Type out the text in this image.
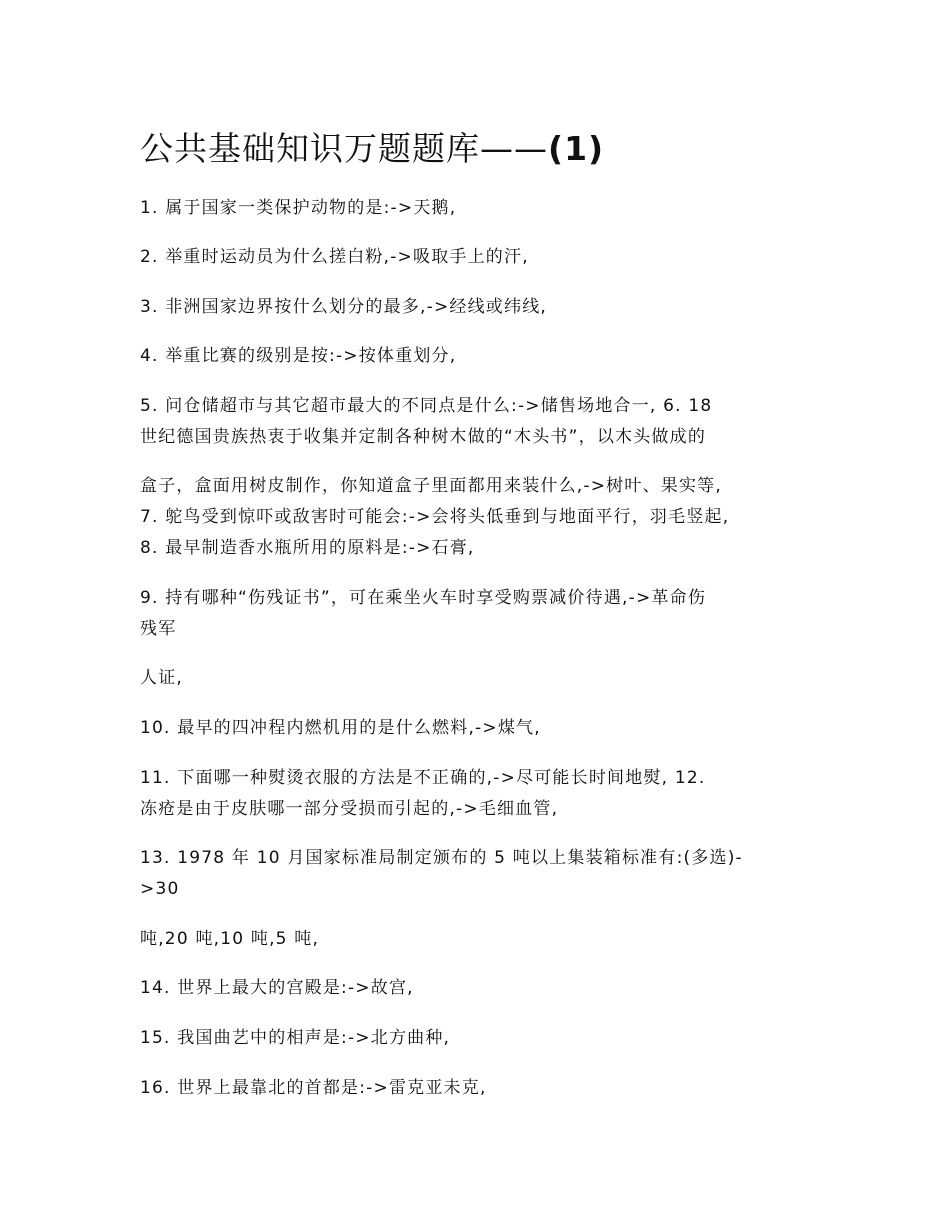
公共基础知识万题题库——(1)

1. 属于国家一类保护动物的是:->天鹅,

2. 举重时运动员为什么搓白粉,->吸取手上的汗,

3. 非洲国家边界按什么划分的最多,->经线或纬线,

4. 举重比赛的级别是按:->按体重划分,

5. 问仓储超市与其它超市最大的不同点是什么:->储售场地合一, 6. 18

世纪德国贵族热衷于收集并定制各种树木做的“木头书”，以木头做成的

盒子，盒面用树皮制作，你知道盒子里面都用来装什么,->树叶、果实等,

7. 鸵鸟受到惊吓或敌害时可能会:->会将头低垂到与地面平行，羽毛竖起,

8. 最早制造香水瓶所用的原料是:->石膏,

9. 持有哪种“伤残证书”，可在乘坐火车时享受购票减价待遇,->革命伤

残军

人证,

10. 最早的四冲程内燃机用的是什么燃料,->煤气,

11. 下面哪一种熨烫衣服的方法是不正确的,->尽可能长时间地熨, 12.

冻疮是由于皮肤哪一部分受损而引起的,->毛细血管,

13. 1978 年 10 月国家标准局制定颁布的 5 吨以上集装箱标准有:(多选)-

>30

吨,20 吨,10 吨,5 吨,

14. 世界上最大的宫殿是:->故宫,

15. 我国曲艺中的相声是:->北方曲种,

16. 世界上最靠北的首都是:->雷克亚未克,
